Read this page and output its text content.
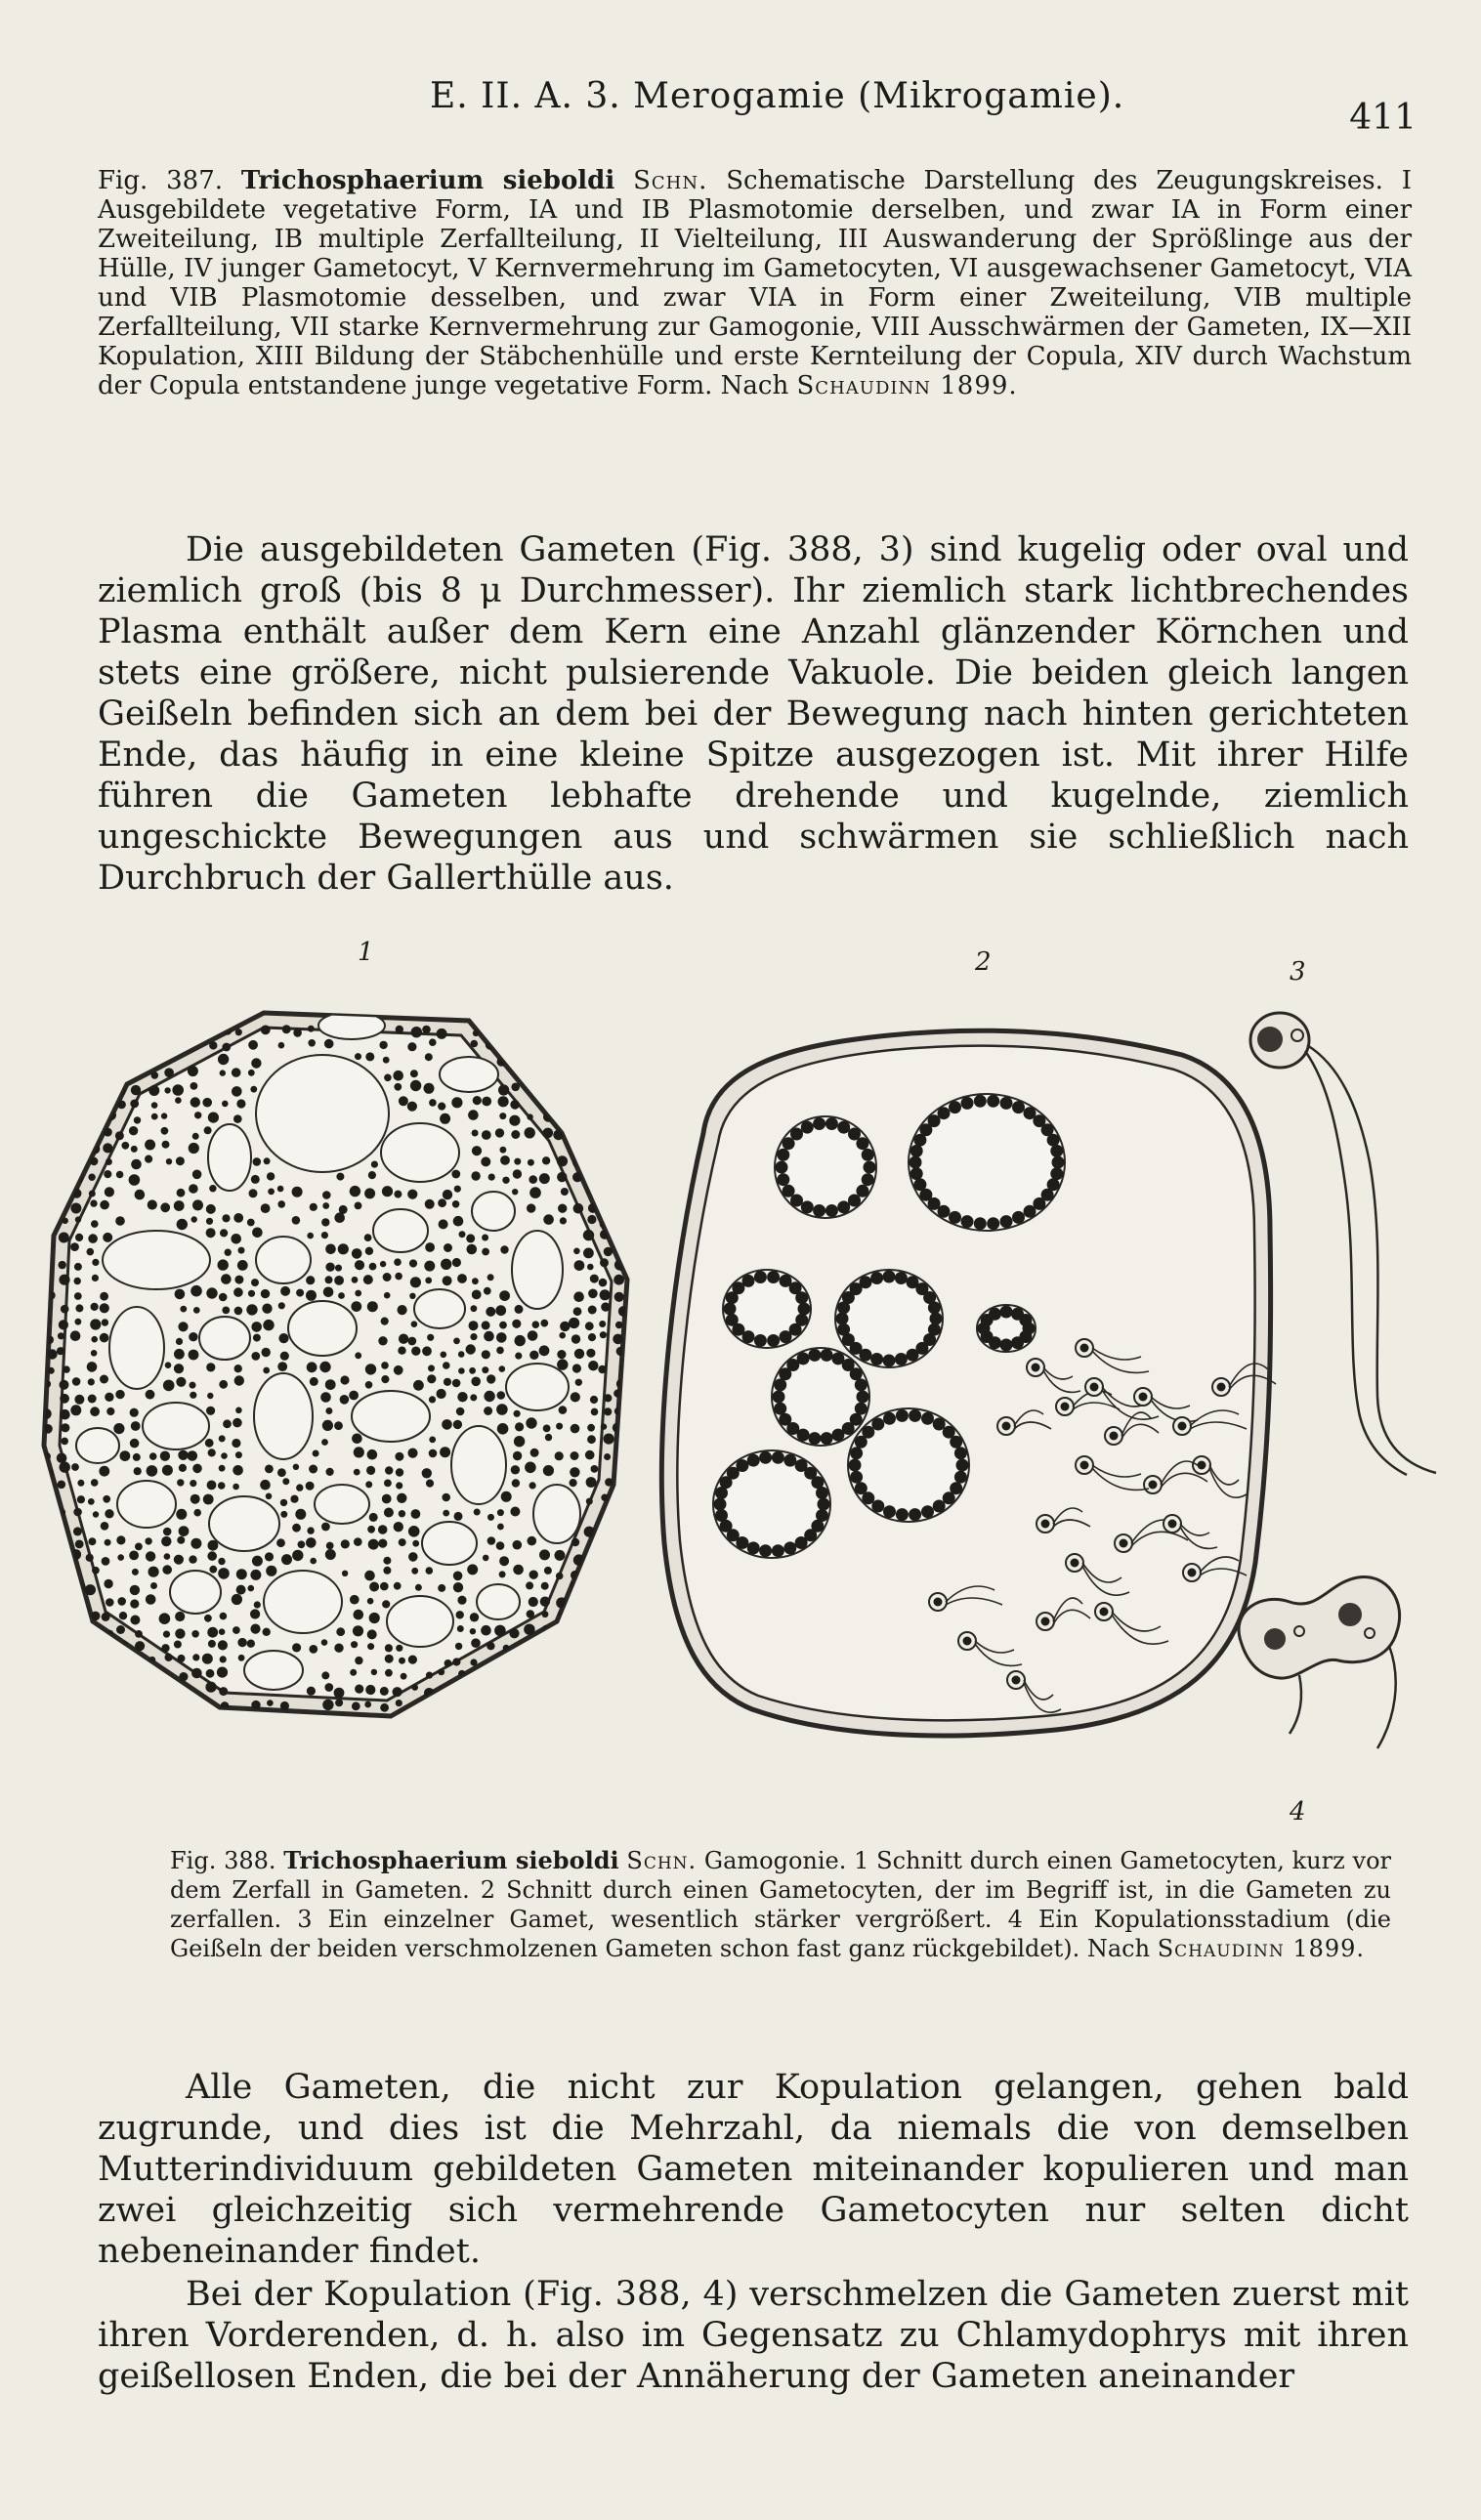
E. II. A. 3. Merogamie (Mikrogamie).
411
Fig. 387. Trichosphaerium sieboldi Schn. Schematische Darstellung des Zeugungskreises. I Ausgebildete vegetative Form, IA und IB Plasmotomie derselben, und zwar IA in Form einer Zweiteilung, IB multiple Zerfallteilung, II Vielteilung, III Auswanderung der Sprößlinge aus der Hülle, IV junger Gametocyt, V Kernvermehrung im Gametocyten, VI ausgewachsener Gametocyt, VIA und VIB Plasmotomie desselben, und zwar VIA in Form einer Zweiteilung, VIB multiple Zerfallteilung, VII starke Kernvermehrung zur Gamogonie, VIII Ausschwärmen der Gameten, IX—XII Kopulation, XIII Bildung der Stäbchenhülle und erste Kernteilung der Copula, XIV durch Wachstum der Copula entstandene junge vegetative Form. Nach Schaudinn 1899.
Die ausgebildeten Gameten (Fig. 388, 3) sind kugelig oder oval und ziemlich groß (bis 8 μ Durchmesser). Ihr ziemlich stark lichtbrechendes Plasma enthält außer dem Kern eine Anzahl glänzender Körnchen und stets eine größere, nicht pulsierende Vakuole. Die beiden gleich langen Geißeln befinden sich an dem bei der Bewegung nach hinten gerichteten Ende, das häufig in eine kleine Spitze ausgezogen ist. Mit ihrer Hilfe führen die Gameten lebhafte drehende und kugelnde, ziemlich ungeschickte Bewegungen aus und schwärmen sie schließlich nach Durchbruch der Gallerthülle aus.
1	2	3
4
Fig. 388. Trichosphaerium sieboldi Schn. Gamogonie. 1 Schnitt durch einen Gametocyten, kurz vor dem Zerfall in Gameten. 2 Schnitt durch einen Gametocyten, der im Begriff ist, in die Gameten zu zerfallen. 3 Ein einzelner Gamet, wesentlich stärker vergrößert. 4 Ein Kopulationsstadium (die Geißeln der beiden verschmolzenen Gameten schon fast ganz rückgebildet). Nach Schaudinn 1899.
Alle Gameten, die nicht zur Kopulation gelangen, gehen bald zugrunde, und dies ist die Mehrzahl, da niemals die von demselben Mutterindividuum gebildeten Gameten miteinander kopulieren und man zwei gleichzeitig sich vermehrende Gametocyten nur selten dicht nebeneinander findet.
Bei der Kopulation (Fig. 388, 4) verschmelzen die Gameten zuerst mit ihren Vorderenden, d. h. also im Gegensatz zu Chlamydophrys mit ihren geißellosen Enden, die bei der Annäherung der Gameten aneinander
